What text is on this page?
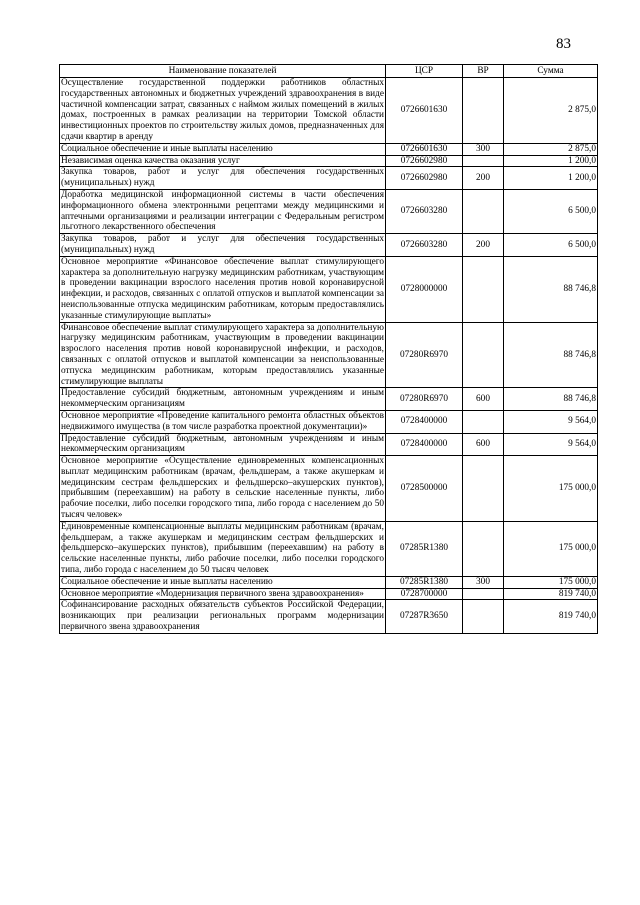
83
Наименование показателей	ЦСР	ВР	Сумма
Осуществление государственной поддержки работников областных государственных автономных и бюджетных учреждений здравоохранения в виде частичной компенсации затрат, связанных с наймом жилых помещений в жилых домах, построенных в рамках реализации на территории Томской области инвестиционных проектов по строительству жилых домов, предназначенных для сдачи квартир в аренду	0726601630		2 875,0
Социальное обеспечение и иные выплаты населению	0726601630	300	2 875,0
Независимая оценка качества оказания услуг	0726602980		1 200,0
Закупка товаров, работ и услуг для обеспечения государственных (муниципальных) нужд	0726602980	200	1 200,0
Доработка медицинской информационной системы в части обеспечения информационного обмена электронными рецептами между медицинскими и аптечными организациями и реализации интеграции с Федеральным регистром льготного лекарственного обеспечения	0726603280		6 500,0
Закупка товаров, работ и услуг для обеспечения государственных (муниципальных) нужд	0726603280	200	6 500,0
Основное мероприятие «Финансовое обеспечение выплат стимулирующего характера за дополнительную нагрузку медицинским работникам, участвующим в проведении вакцинации взрослого населения против новой коронавирусной инфекции, и расходов, связанных с оплатой отпусков и выплатой компенсации за неиспользованные отпуска медицинским работникам, которым предоставлялись указанные стимулирующие выплаты»	0728000000		88 746,8
Финансовое обеспечение выплат стимулирующего характера за дополнительную нагрузку медицинским работникам, участвующим в проведении вакцинации взрослого населения против новой коронавирусной инфекции, и расходов, связанных с оплатой отпусков и выплатой компенсации за неиспользованные отпуска медицинским работникам, которым предоставлялись указанные стимулирующие выплаты	07280R6970		88 746,8
Предоставление субсидий бюджетным, автономным учреждениям и иным некоммерческим организациям	07280R6970	600	88 746,8
Основное мероприятие «Проведение капитального ремонта областных объектов недвижимого имущества (в том числе разработка проектной документации)»	0728400000		9 564,0
Предоставление субсидий бюджетным, автономным учреждениям и иным некоммерческим организациям	0728400000	600	9 564,0
Основное мероприятие «Осуществление единовременных компенсационных выплат медицинским работникам (врачам, фельдшерам, а также акушеркам и медицинским сестрам фельдшерских и фельдшерско–акушерских пунктов), прибывшим (переехавшим) на работу в сельские населенные пункты, либо рабочие поселки, либо поселки городского типа, либо города с населением до 50 тысяч человек»	0728500000		175 000,0
Единовременные компенсационные выплаты медицинским работникам (врачам, фельдшерам, а также акушеркам и медицинским сестрам фельдшерских и фельдшерско–акушерских пунктов), прибывшим (переехавшим) на работу в сельские населенные пункты, либо рабочие поселки, либо поселки городского типа, либо города с населением до 50 тысяч человек	07285R1380		175 000,0
Социальное обеспечение и иные выплаты населению	07285R1380	300	175 000,0
Основное мероприятие «Модернизация первичного звена здравоохранения»	0728700000		819 740,0
Софинансирование расходных обязательств субъектов Российской Федерации, возникающих при реализации региональных программ модернизации первичного звена здравоохранения	07287R3650		819 740,0
